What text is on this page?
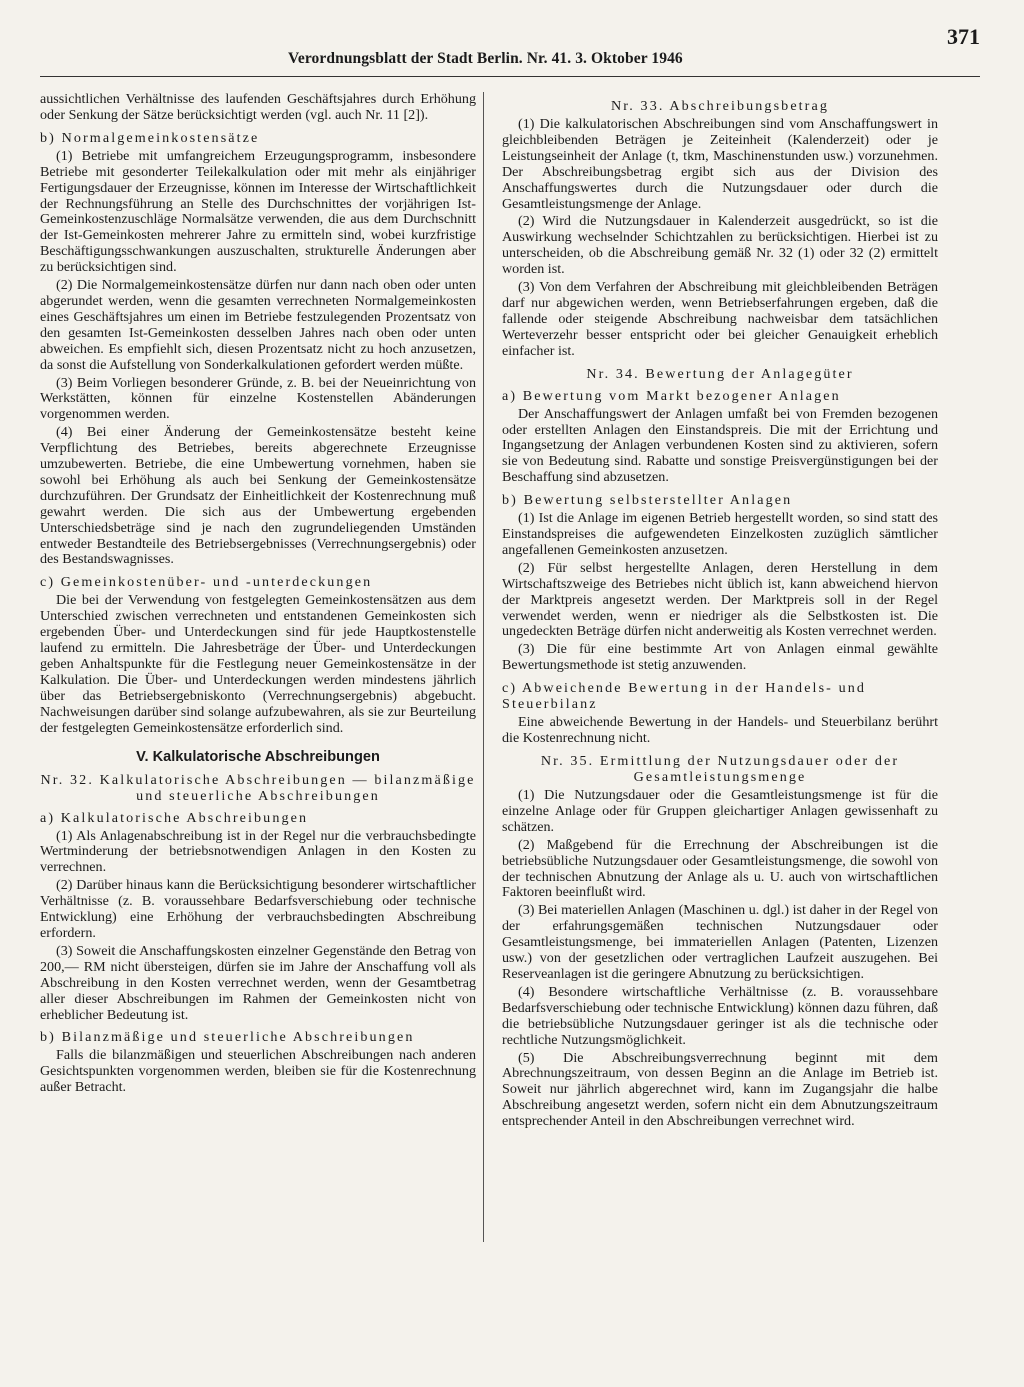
Verordnungsblatt der Stadt Berlin. Nr. 41. 3. Oktober 1946
371

aussichtlichen Verhältnisse des laufenden Geschäftsjahres durch Erhöhung oder Senkung der Sätze berücksichtigt werden (vgl. auch Nr. 11 [2]).

b) Normalgemeinkostensätze

(1) Betriebe mit umfangreichem Erzeugungsprogramm, insbesondere Betriebe mit gesonderter Teilekalkulation oder mit mehr als einjähriger Fertigungsdauer der Erzeugnisse, können im Interesse der Wirtschaftlichkeit der Rechnungsführung an Stelle des Durchschnittes der vorjährigen Ist-Gemeinkostenzuschläge Normalsätze verwenden, die aus dem Durchschnitt der Ist-Gemeinkosten mehrerer Jahre zu ermitteln sind, wobei kurzfristige Beschäftigungsschwankungen auszuschalten, strukturelle Änderungen aber zu berücksichtigen sind.

(2) Die Normalgemeinkostensätze dürfen nur dann nach oben oder unten abgerundet werden, wenn die gesamten verrechneten Normalgemeinkosten eines Geschäftsjahres um einen im Betriebe festzulegenden Prozentsatz von den gesamten Ist-Gemeinkosten desselben Jahres nach oben oder unten abweichen. Es empfiehlt sich, diesen Prozentsatz nicht zu hoch anzusetzen, da sonst die Aufstellung von Sonderkalkulationen gefordert werden müßte.

(3) Beim Vorliegen besonderer Gründe, z. B. bei der Neueinrichtung von Werkstätten, können für einzelne Kostenstellen Abänderungen vorgenommen werden.

(4) Bei einer Änderung der Gemeinkostensätze besteht keine Verpflichtung des Betriebes, bereits abgerechnete Erzeugnisse umzubewerten. Betriebe, die eine Umbewertung vornehmen, haben sie sowohl bei Erhöhung als auch bei Senkung der Gemeinkostensätze durchzuführen. Der Grundsatz der Einheitlichkeit der Kostenrechnung muß gewahrt werden. Die sich aus der Umbewertung ergebenden Unterschiedsbeträge sind je nach den zugrundeliegenden Umständen entweder Bestandteile des Betriebsergebnisses (Verrechnungsergebnis) oder des Bestandswagnisses.

c) Gemeinkostenüber- und -unterdeckungen

Die bei der Verwendung von festgelegten Gemeinkostensätzen aus dem Unterschied zwischen verrechneten und entstandenen Gemeinkosten sich ergebenden Über- und Unterdeckungen sind für jede Hauptkostenstelle laufend zu ermitteln. Die Jahresbeträge der Über- und Unterdeckungen geben Anhaltspunkte für die Festlegung neuer Gemeinkostensätze in der Kalkulation. Die Über- und Unterdeckungen werden mindestens jährlich über das Betriebsergebniskonto (Verrechnungsergebnis) abgebucht. Nachweisungen darüber sind solange aufzubewahren, als sie zur Beurteilung der festgelegten Gemeinkostensätze erforderlich sind.

V. Kalkulatorische Abschreibungen
Nr. 32. Kalkulatorische Abschreibungen — bilanzmäßige und steuerliche Abschreibungen
a) Kalkulatorische Abschreibungen

(1) Als Anlagenabschreibung ist in der Regel nur die verbrauchsbedingte Wertminderung der betriebsnotwendigen Anlagen in den Kosten zu verrechnen.

(2) Darüber hinaus kann die Berücksichtigung besonderer wirtschaftlicher Verhältnisse (z. B. voraussehbare Bedarfsverschiebung oder technische Entwicklung) eine Erhöhung der verbrauchsbedingten Abschreibung erfordern.

(3) Soweit die Anschaffungskosten einzelner Gegenstände den Betrag von 200,— RM nicht übersteigen, dürfen sie im Jahre der Anschaffung voll als Abschreibung in den Kosten verrechnet werden, wenn der Gesamtbetrag aller dieser Abschreibungen im Rahmen der Gemeinkosten nicht von erheblicher Bedeutung ist.

b) Bilanzmäßige und steuerliche Abschreibungen

Falls die bilanzmäßigen und steuerlichen Abschreibungen nach anderen Gesichtspunkten vorgenommen werden, bleiben sie für die Kostenrechnung außer Betracht.

Nr. 33. Abschreibungsbetrag

(1) Die kalkulatorischen Abschreibungen sind vom Anschaffungswert in gleichbleibenden Beträgen je Zeiteinheit (Kalenderzeit) oder je Leistungseinheit der Anlage (t, tkm, Maschinenstunden usw.) vorzunehmen. Der Abschreibungsbetrag ergibt sich aus der Division des Anschaffungswertes durch die Nutzungsdauer oder durch die Gesamtleistungsmenge der Anlage.

(2) Wird die Nutzungsdauer in Kalenderzeit ausgedrückt, so ist die Auswirkung wechselnder Schichtzahlen zu berücksichtigen. Hierbei ist zu unterscheiden, ob die Abschreibung gemäß Nr. 32 (1) oder 32 (2) ermittelt worden ist.

(3) Von dem Verfahren der Abschreibung mit gleichbleibenden Beträgen darf nur abgewichen werden, wenn Betriebserfahrungen ergeben, daß die fallende oder steigende Abschreibung nachweisbar dem tatsächlichen Werteverzehr besser entspricht oder bei gleicher Genauigkeit erheblich einfacher ist.

Nr. 34. Bewertung der Anlagegüter
a) Bewertung vom Markt bezogener Anlagen

Der Anschaffungswert der Anlagen umfaßt bei von Fremden bezogenen oder erstellten Anlagen den Einstandspreis. Die mit der Errichtung und Ingangsetzung der Anlagen verbundenen Kosten sind zu aktivieren, sofern sie von Bedeutung sind. Rabatte und sonstige Preisvergünstigungen bei der Beschaffung sind abzusetzen.

b) Bewertung selbsterstellter Anlagen

(1) Ist die Anlage im eigenen Betrieb hergestellt worden, so sind statt des Einstandspreises die aufgewendeten Einzelkosten zuzüglich sämtlicher angefallenen Gemeinkosten anzusetzen.

(2) Für selbst hergestellte Anlagen, deren Herstellung in dem Wirtschaftszweige des Betriebes nicht üblich ist, kann abweichend hiervon der Marktpreis angesetzt werden. Der Marktpreis soll in der Regel verwendet werden, wenn er niedriger als die Selbstkosten ist. Die ungedeckten Beträge dürfen nicht anderweitig als Kosten verrechnet werden.

(3) Die für eine bestimmte Art von Anlagen einmal gewählte Bewertungsmethode ist stetig anzuwenden.

c) Abweichende Bewertung in der Handels- und Steuerbilanz

Eine abweichende Bewertung in der Handels- und Steuerbilanz berührt die Kostenrechnung nicht.

Nr. 35. Ermittlung der Nutzungsdauer oder der Gesamtleistungsmenge

(1) Die Nutzungsdauer oder die Gesamtleistungsmenge ist für die einzelne Anlage oder für Gruppen gleichartiger Anlagen gewissenhaft zu schätzen.

(2) Maßgebend für die Errechnung der Abschreibungen ist die betriebsübliche Nutzungsdauer oder Gesamtleistungsmenge, die sowohl von der technischen Abnutzung der Anlage als u. U. auch von wirtschaftlichen Faktoren beeinflußt wird.

(3) Bei materiellen Anlagen (Maschinen u. dgl.) ist daher in der Regel von der erfahrungsgemäßen technischen Nutzungsdauer oder Gesamtleistungsmenge, bei immateriellen Anlagen (Patenten, Lizenzen usw.) von der gesetzlichen oder vertraglichen Laufzeit auszugehen. Bei Reserveanlagen ist die geringere Abnutzung zu berücksichtigen.

(4) Besondere wirtschaftliche Verhältnisse (z. B. voraussehbare Bedarfsverschiebung oder technische Entwicklung) können dazu führen, daß die betriebsübliche Nutzungsdauer geringer ist als die technische oder rechtliche Nutzungsmöglichkeit.

(5) Die Abschreibungsverrechnung beginnt mit dem Abrechnungszeitraum, von dessen Beginn an die Anlage im Betrieb ist. Soweit nur jährlich abgerechnet wird, kann im Zugangsjahr die halbe Abschreibung angesetzt werden, sofern nicht ein dem Abnutzungszeitraum entsprechender Anteil in den Abschreibungen verrechnet wird.
